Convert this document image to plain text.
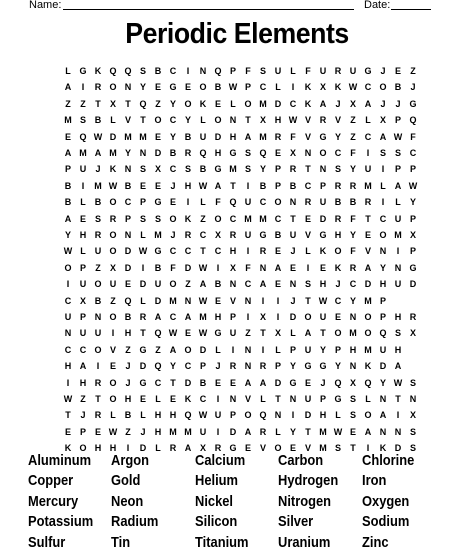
Name:	Date:
Periodic Elements
L G K Q Q S B C	I	N Q P	F	S U	L	F	U R U G J	E	Z
A	I	R O N Y E G E O B W P C	L	I	K X K W C O B	J
Z	Z	T	X	T Q Z	Y O K E	L O M D C K A	J	X A	J	J G
M S B	L	V	T O C Y	L O N	T	X H W V R V	Z	L	X P Q
E Q W D M M E Y B U D H A M R	F	V G Y	Z	C A W F
A M A M Y N D B R Q H G S Q E X N O C	F	I	S S C
P U	J	K N S X C S B G M S Y P R	T	N S Y U	I	P P
B	I	M W B E E	J	H W A	T	I	B P B C P R R M L	A W
B	L	B O C P G E	I	L	F Q U C O N R U B B R	I	L	Y
A E S R P S S O K	Z O C M M C	T	E D R	F	T	C U P
Y H R O N	L M J	R C X R U G B U V G H Y E O M X
W L	U O D W G C C	T	C H	I	R E	J	L	K O F	V N	I	P
O P	Z	X D	I	B	F	D W	I	X	F	N A E	I	E K R A Y N G
I	U O U E D U O Z	A B N C A E N S H	J	C D H U D
C X B	Z Q L	D M N W E V N	I	I	J	T W C Y M P
U P N O B R A C A M H P	I	X	I	D O U E N O P H R
N U U	I	H	T Q W E W G U	Z	T	X	L	A	T O M O Q S X
C C O V	Z G Z	A O D	L	I	N	I	L	P U Y P H M U H
H A	I	E	J	D Q Y C P	J	R N R P Y G G Y N K D A
I	H R O J G C	T	D B E E A A D G E	J Q X Q Y W S
W Z	T O H E	L	E K C	I	N V	L	T	N U P G S	L	N	T	N
T	J	R	L	B	L	H H Q W U P O Q N	I	D H	L	S O A	I	X
E P E W Z	J	H M M U	I	D A R	L	Y	T M W E A N N S
K O H H	I	D	L	R A X R G E V O E V M S	T	I	K D S
Aluminum Argon	Calcium Carbon	Chlorine
Copper	Gold	Helium	Hydrogen Iron
Mercury Neon	Nickel	Nitrogen Oxygen
Potassium Radium Silicon	Silver	Sodium
Sulfur	Tin	Titanium Uranium Zinc
